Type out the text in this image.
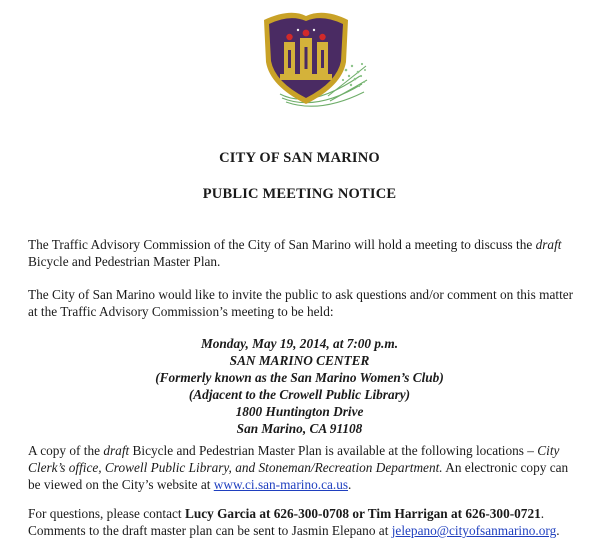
CITY OF SAN MARINO
PUBLIC MEETING NOTICE

The Traffic Advisory Commission of the City of San Marino will hold a meeting to discuss the draft Bicycle and Pedestrian Master Plan.

The City of San Marino would like to invite the public to ask questions and/or comment on this matter at the Traffic Advisory Commission’s meeting to be held:

Monday, May 19, 2014, at 7:00 p.m.
SAN MARINO CENTER
(Formerly known as the San Marino Women’s Club)
(Adjacent to the Crowell Public Library)
1800 Huntington Drive
San Marino, CA 91108

A copy of the draft Bicycle and Pedestrian Master Plan is available at the following locations – City Clerk’s office, Crowell Public Library, and Stoneman/Recreation Department. An electronic copy can be viewed on the City’s website at www.ci.san-marino.ca.us.

For questions, please contact Lucy Garcia at 626-300-0708 or Tim Harrigan at 626-300-0721. Comments to the draft master plan can be sent to Jasmin Elepano at jelepano@cityofsanmarino.org.
